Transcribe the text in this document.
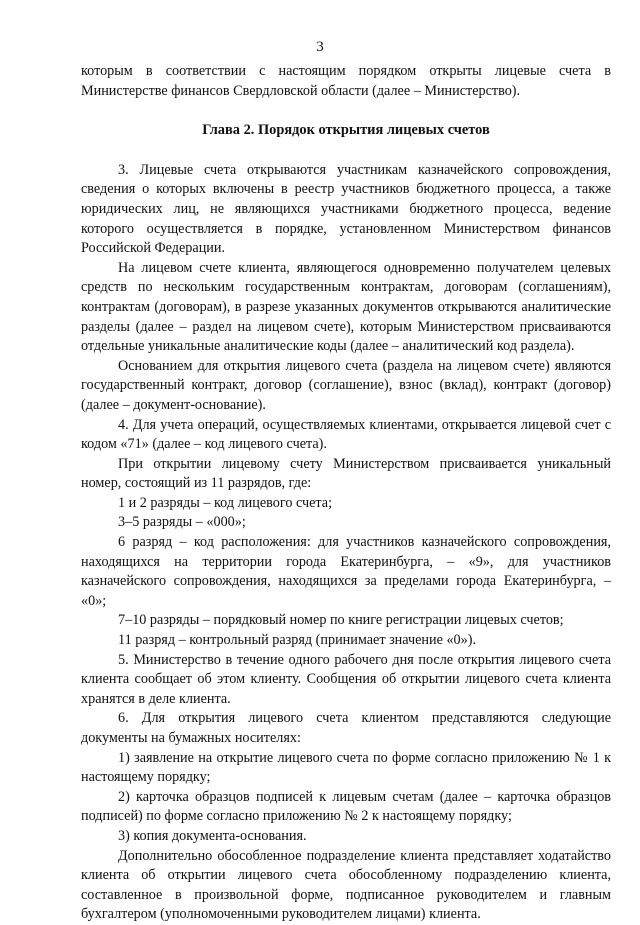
3

которым в соответствии с настоящим порядком открыты лицевые счета в Министерстве финансов Свердловской области (далее – Министерство).

Глава 2. Порядок открытия лицевых счетов

3. Лицевые счета открываются участникам казначейского сопровождения, сведения о которых включены в реестр участников бюджетного процесса, а также юридических лиц, не являющихся участниками бюджетного процесса, ведение которого осуществляется в порядке, установленном Министерством финансов Российской Федерации.

На лицевом счете клиента, являющегося одновременно получателем целевых средств по нескольким государственным контрактам, договорам (соглашениям), контрактам (договорам), в разрезе указанных документов открываются аналитические разделы (далее – раздел на лицевом счете), которым Министерством присваиваются отдельные уникальные аналитические коды (далее – аналитический код раздела).

Основанием для открытия лицевого счета (раздела на лицевом счете) являются государственный контракт, договор (соглашение), взнос (вклад), контракт (договор) (далее – документ-основание).

4. Для учета операций, осуществляемых клиентами, открывается лицевой счет с кодом «71» (далее – код лицевого счета).

При открытии лицевому счету Министерством присваивается уникальный номер, состоящий из 11 разрядов, где:

1 и 2 разряды – код лицевого счета;

3–5 разряды – «000»;

6 разряд – код расположения: для участников казначейского сопровождения, находящихся на территории города Екатеринбурга, – «9», для участников казначейского сопровождения, находящихся за пределами города Екатеринбурга, – «0»;

7–10 разряды – порядковый номер по книге регистрации лицевых счетов;

11 разряд – контрольный разряд (принимает значение «0»).

5. Министерство в течение одного рабочего дня после открытия лицевого счета клиента сообщает об этом клиенту. Сообщения об открытии лицевого счета клиента хранятся в деле клиента.

6. Для открытия лицевого счета клиентом представляются следующие документы на бумажных носителях:

1) заявление на открытие лицевого счета по форме согласно приложению № 1 к настоящему порядку;

2) карточка образцов подписей к лицевым счетам (далее – карточка образцов подписей) по форме согласно приложению № 2 к настоящему порядку;

3) копия документа-основания.

Дополнительно обособленное подразделение клиента представляет ходатайство клиента об открытии лицевого счета обособленному подразделению клиента, составленное в произвольной форме, подписанное руководителем и главным бухгалтером (уполномоченными руководителем лицами) клиента.
